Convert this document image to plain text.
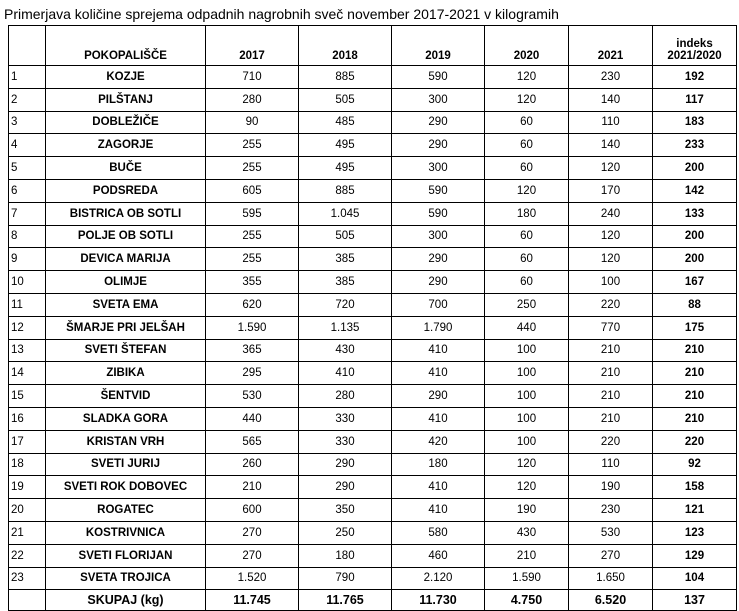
Primerjava količine sprejema odpadnih nagrobnih sveč november 2017-2021 v kilogramih
	POKOPALIŠČE	2017	2018	2019	2020	2021	indeks
2021/2020
1	KOZJE	710	885	590	120	230	192
2	PILŠTANJ	280	505	300	120	140	117
3	DOBLEŽIČE	90	485	290	60	110	183
4	ZAGORJE	255	495	290	60	140	233
5	BUČE	255	495	300	60	120	200
6	PODSREDA	605	885	590	120	170	142
7	BISTRICA OB SOTLI	595	1.045	590	180	240	133
8	POLJE OB SOTLI	255	505	300	60	120	200
9	DEVICA MARIJA	255	385	290	60	120	200
10	OLIMJE	355	385	290	60	100	167
11	SVETA EMA	620	720	700	250	220	88
12	ŠMARJE PRI JELŠAH	1.590	1.135	1.790	440	770	175
13	SVETI ŠTEFAN	365	430	410	100	210	210
14	ZIBIKA	295	410	410	100	210	210
15	ŠENTVID	530	280	290	100	210	210
16	SLADKA GORA	440	330	410	100	210	210
17	KRISTAN VRH	565	330	420	100	220	220
18	SVETI JURIJ	260	290	180	120	110	92
19	SVETI ROK DOBOVEC	210	290	410	120	190	158
20	ROGATEC	600	350	410	190	230	121
21	KOSTRIVNICA	270	250	580	430	530	123
22	SVETI FLORIJAN	270	180	460	210	270	129
23	SVETA TROJICA	1.520	790	2.120	1.590	1.650	104
	SKUPAJ (kg)	11.745	11.765	11.730	4.750	6.520	137
